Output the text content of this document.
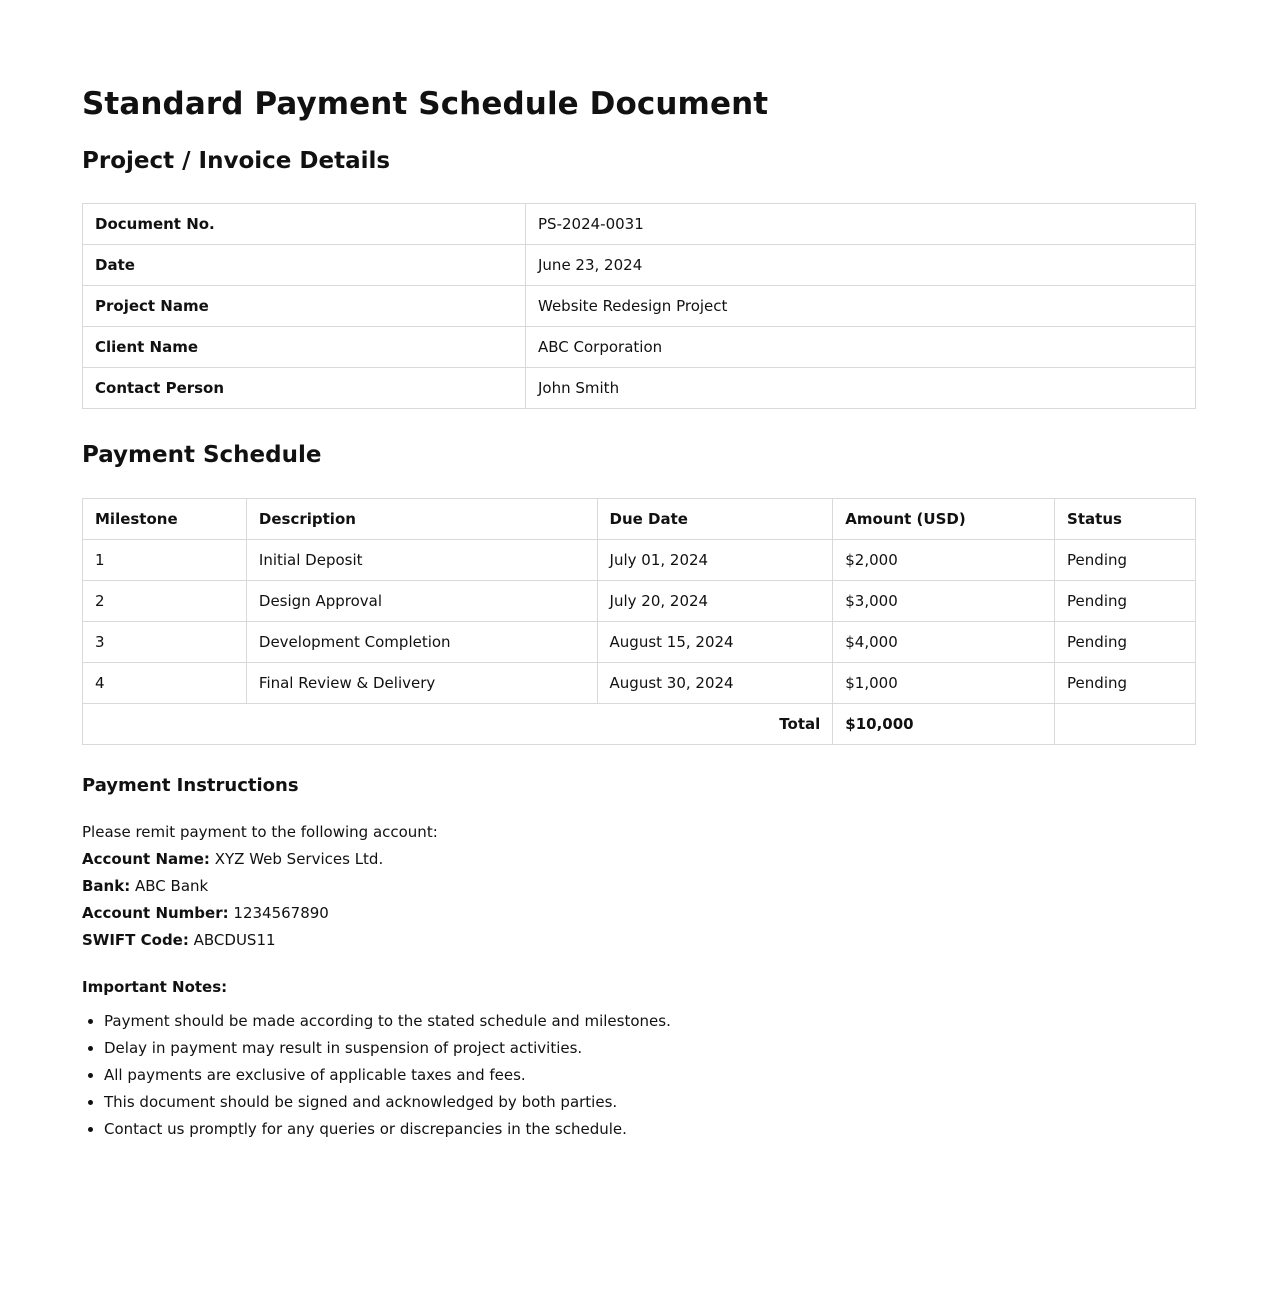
Standard Payment Schedule Document
Project / Invoice Details
Document No.	PS-2024-0031
Date	June 23, 2024
Project Name	Website Redesign Project
Client Name	ABC Corporation
Contact Person	John Smith
Payment Schedule
Milestone	Description	Due Date	Amount (USD)	Status
1	Initial Deposit	July 01, 2024	$2,000	Pending
2	Design Approval	July 20, 2024	$3,000	Pending
3	Development Completion	August 15, 2024	$4,000	Pending
4	Final Review & Delivery	August 30, 2024	$1,000	Pending
Total			$10,000	
Payment Instructions
Please remit payment to the following account:
Account Name: XYZ Web Services Ltd.
Bank: ABC Bank
Account Number: 1234567890
SWIFT Code: ABCDUS11
Important Notes:
• Payment should be made according to the stated schedule and milestones.
• Delay in payment may result in suspension of project activities.
• All payments are exclusive of applicable taxes and fees.
• This document should be signed and acknowledged by both parties.
• Contact us promptly for any queries or discrepancies in the schedule.
